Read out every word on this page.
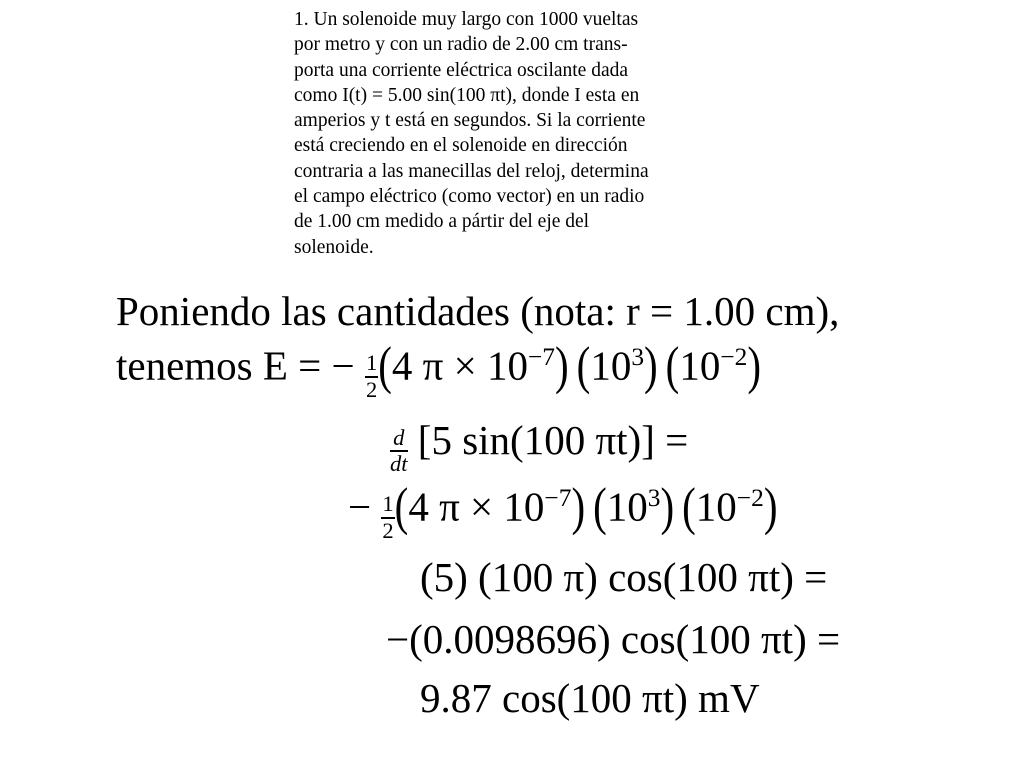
1. Un solenoide muy largo con 1000 vueltas
por metro y con un radio de 2.00 cm trans-
porta una corriente eléctrica oscilante dada
como I(t) = 5.00 sin(100 πt), donde I esta en
amperios y t está en segundos. Si la corriente
está creciendo en el solenoide en dirección
contraria a las manecillas del reloj, determina
el campo eléctrico (como vector) en un radio
de 1.00 cm medido a pártir del eje del
solenoide.
Poniendo las cantidades (nota: r = 1.00 cm),
tenemos E = − $\frac{1}{2} (4$ $\pi \times 10^{-7}$) $(10^3)$ $(10^{-2})$
$\frac{d}{dt} [5$ sin(100 πt)] =
− $\frac{1}{2} (4$ $\pi \times 10^{-7}$) $(10^3)$ $(10^{-2})$
(5) (100 π) cos(100 πt) =
−(0.0098696) cos(100 πt) =
9.87 cos(100 πt) mV
